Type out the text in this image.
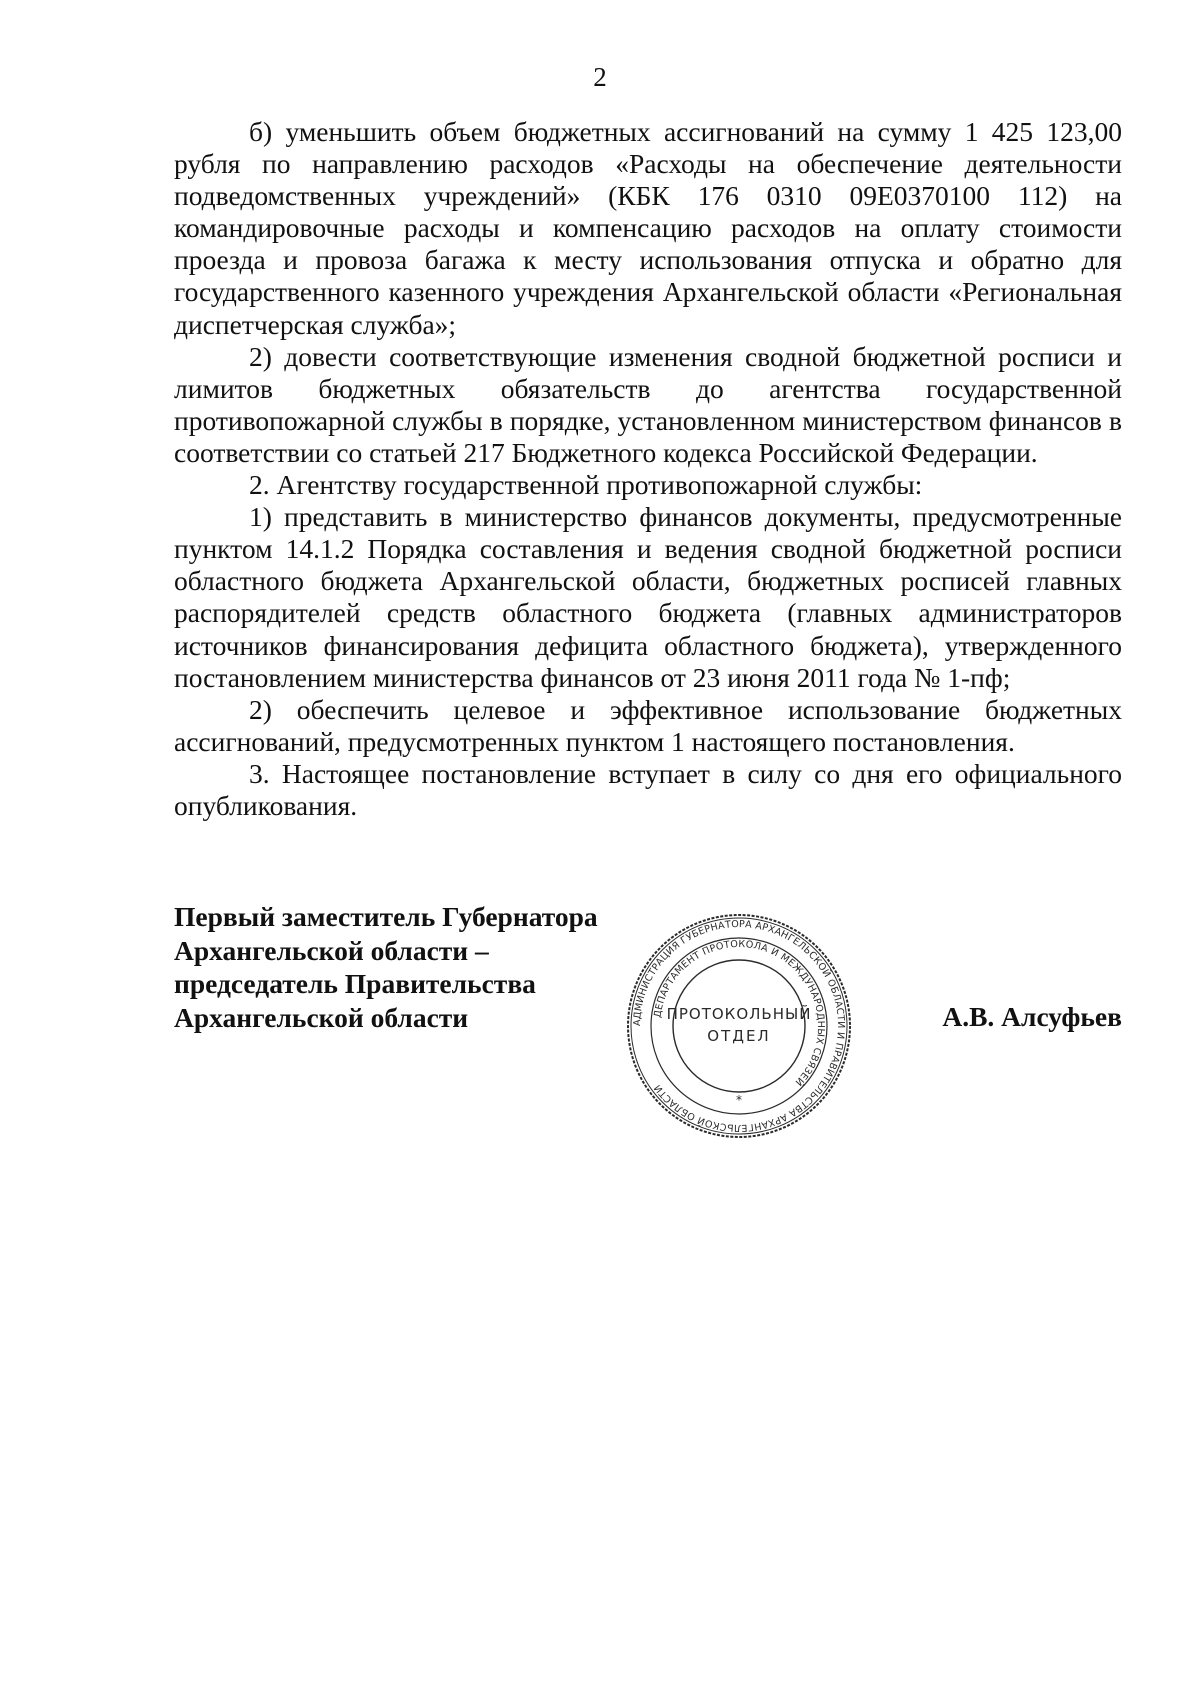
2

б) уменьшить объем бюджетных ассигнований на сумму 1 425 123,00 рубля по направлению расходов «Расходы на обеспечение деятельности подведомственных учреждений» (КБК 176 0310 09Е0370100 112) на командировочные расходы и компенсацию расходов на оплату стоимости проезда и провоза багажа к месту использования отпуска и обратно для государственного казенного учреждения Архангельской области «Региональная диспетчерская служба»;

2) довести соответствующие изменения сводной бюджетной росписи и лимитов бюджетных обязательств до агентства государственной противопожарной службы в порядке, установленном министерством финансов в соответствии со статьей 217 Бюджетного кодекса Российской Федерации.

2. Агентству государственной противопожарной службы:

1) представить в министерство финансов документы, предусмотренные пунктом 14.1.2 Порядка составления и ведения сводной бюджетной росписи областного бюджета Архангельской области, бюджетных росписей главных распорядителей средств областного бюджета (главных администраторов источников финансирования дефицита областного бюджета), утвержденного постановлением министерства финансов от 23 июня 2011 года № 1-пф;

2) обеспечить целевое и эффективное использование бюджетных ассигнований, предусмотренных пунктом 1 настоящего постановления.

3. Настоящее постановление вступает в силу со дня его официального опубликования.

Первый заместитель Губернатора
Архангельской области –
председатель Правительства
Архангельской области	А.В. Алсуфьев
АДМИНИСТРАЦИЯ ГУБЕРНАТОРА АРХАНГЕЛЬСКОЙ ОБЛАСТИ И ПРАВИТЕЛЬСТВА АРХАНГЕЛЬСКОЙ ОБЛАСТИ
ДЕПАРТАМЕНТ ПРОТОКОЛА И МЕЖДУНАРОДНЫХ СВЯЗЕЙ
ПРОТОКОЛЬНЫЙ
ОТДЕЛ
*
